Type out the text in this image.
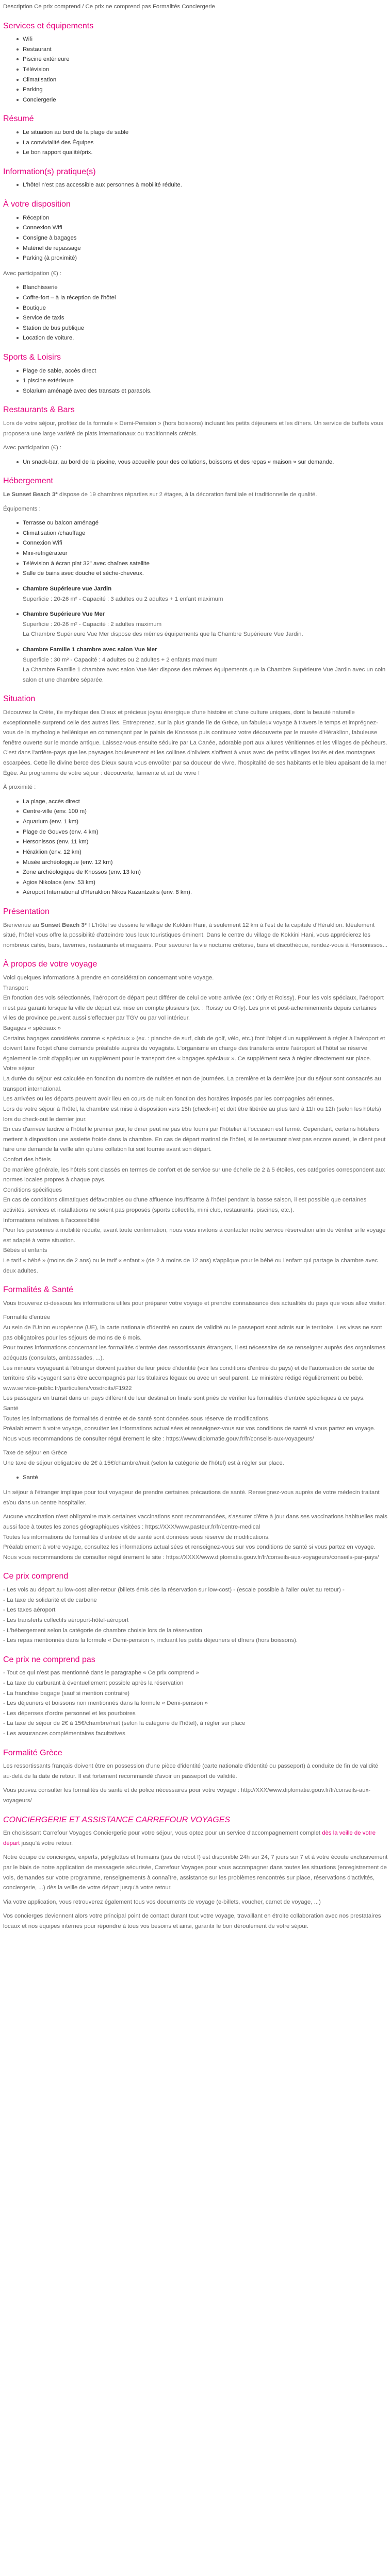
Description Ce prix comprend / Ce prix ne comprend pas Formalités Conciergerie

Services et équipements
Wifi
Restaurant
Piscine extérieure
Télévision
Climatisation
Parking
Conciergerie
Résumé
Le situation au bord de la plage de sable
La convivialité des Équipes
Le bon rapport qualité/prix.
Information(s) pratique(s)
L'hôtel n'est pas accessible aux personnes à mobilité réduite.
À votre disposition
Réception
Connexion Wifi
Consigne à bagages
Matériel de repassage
Parking (à proximité)

Avec participation (€) :

Blanchisserie
Coffre-fort – à la réception de l'hôtel
Boutique
Service de taxis
Station de bus publique
Location de voiture.
Sports & Loisirs
Plage de sable, accès direct
1 piscine extérieure
Solarium aménagé avec des transats et parasols.
Restaurants & Bars

Lors de votre séjour, profitez de la formule « Demi-Pension » (hors boissons) incluant les petits déjeuners et les dîners. Un service de buffets vous proposera une large variété de plats internationaux ou traditionnels crétois.

Avec participation (€) :

Un snack-bar, au bord de la piscine, vous accueille pour des collations, boissons et des repas « maison » sur demande.
Hébergement

Le Sunset Beach 3* dispose de 19 chambres réparties sur 2 étages, à la décoration familiale et traditionnelle de qualité.

Équipements :

Terrasse ou balcon aménagé
Climatisation /chauffage
Connexion Wifi
Mini-réfrigérateur
Télévision à écran plat 32" avec chaînes satellite
Salle de bains avec douche et sèche-cheveux.
Chambre Supérieure vue Jardin

Superficie : 20-26 m² - Capacité : 3 adultes ou 2 adultes + 1 enfant maximum

Chambre Supérieure Vue Mer

Superficie : 20-26 m² - Capacité : 2 adultes maximum

La Chambre Supérieure Vue Mer dispose des mêmes équipements que la Chambre Supérieure Vue Jardin.

Chambre Famille 1 chambre avec salon Vue Mer

Superficie : 30 m² - Capacité : 4 adultes ou 2 adultes + 2 enfants maximum

La Chambre Famille 1 chambre avec salon Vue Mer dispose des mêmes équipements que la Chambre Supérieure Vue Jardin avec un coin salon et une chambre séparée.

Situation

Découvrez la Crète, île mythique des Dieux et précieux joyau énergique d'une histoire et d'une culture uniques, dont la beauté naturelle exceptionnelle surprend celle des autres îles. Entreprenez, sur la plus grande île de Grèce, un fabuleux voyage à travers le temps et imprégnez-vous de la mythologie hellénique en commençant par le palais de Knossos puis continuez votre découverte par le musée d'Héraklion, fabuleuse fenêtre ouverte sur le monde antique. Laissez-vous ensuite séduire par La Canée, adorable port aux allures vénitiennes et les villages de pêcheurs. C'est dans l'arrière-pays que les paysages bouleversent et les collines d'oliviers s'offrent à vous avec de petits villages isolés et des montagnes escarpées. Cette île divine berce des Dieux saura vous envoûter par sa douceur de vivre, l'hospitalité de ses habitants et le bleu apaisant de la mer Égée. Au programme de votre séjour : découverte, farniente et art de vivre !

À proximité :

La plage, accès direct
Centre-ville (env. 100 m)
Aquarium (env. 1 km)
Plage de Gouves (env. 4 km)
Hersonissos (env. 11 km)
Héraklion (env. 12 km)
Musée archéologique (env. 12 km)
Zone archéologique de Knossos (env. 13 km)
Agios Nikolaos (env. 53 km)
Aéroport International d'Héraklion Nikos Kazantzakis (env. 8 km).
Présentation

Bienvenue au Sunset Beach 3* ! L'hôtel se dessine le village de Kokkini Hani, à seulement 12 km à l'est de la capitale d'Héraklion. Idéalement situé, l'hôtel vous offre la possibilité d'atteindre tous leux touristiques éminent. Dans le centre du village de Kokkini Hani, vous apprécierez les nombreux cafés, bars, tavernes, restaurants et magasins. Pour savourer la vie nocturne crétoise, bars et discothèque, rendez-vous à Hersonissos...

À propos de votre voyage

Voici quelques informations à prendre en considération concernant votre voyage.

Transport

En fonction des vols sélectionnés, l'aéroport de départ peut différer de celui de votre arrivée (ex : Orly et Roissy). Pour les vols spéciaux, l'aéroport n'est pas garanti lorsque la ville de départ est mise en compte plusieurs (ex. : Roissy ou Orly). Les prix et post-acheminements depuis certaines villes de province peuvent aussi s'effectuer par TGV ou par vol intérieur.

Bagages « spéciaux »

Certains bagages considérés comme « spéciaux » (ex. : planche de surf, club de golf, vélo, etc.) font l'objet d'un supplément à régler à l'aéroport et doivent faire l'objet d'une demande préalable auprès du voyagiste. L'organisme en charge des transferts entre l'aéroport et l'hôtel se réserve également le droit d'appliquer un supplément pour le transport des « bagages spéciaux ». Ce supplément sera à régler directement sur place.

Votre séjour

La durée du séjour est calculée en fonction du nombre de nuitées et non de journées. La première et la dernière jour du séjour sont consacrés au transport international.

Les arrivées ou les départs peuvent avoir lieu en cours de nuit en fonction des horaires imposés par les compagnies aériennes.

Lors de votre séjour à l'hôtel, la chambre est mise à disposition vers 15h (check-in) et doit être libérée au plus tard à 11h ou 12h (selon les hôtels) lors du check-out le dernier jour.

En cas d'arrivée tardive à l'hôtel le premier jour, le dîner peut ne pas être fourni par l'hôtelier à l'occasion est fermé. Cependant, certains hôteliers mettent à disposition une assiette froide dans la chambre. En cas de départ matinal de l'hôtel, si le restaurant n'est pas encore ouvert, le client peut faire une demande la veille afin qu'une collation lui soit fournie avant son départ.

Confort des hôtels

De manière générale, les hôtels sont classés en termes de confort et de service sur une échelle de 2 à 5 étoiles, ces catégories correspondent aux normes locales propres à chaque pays.

Conditions spécifiques

En cas de conditions climatiques défavorables ou d'une affluence insuffisante à l'hôtel pendant la basse saison, il est possible que certaines activités, services et installations ne soient pas proposés (sports collectifs, mini club, restaurants, piscines, etc.).

Informations relatives à l'accessibilité

Pour les personnes à mobilité réduite, avant toute confirmation, nous vous invitons à contacter notre service réservation afin de vérifier si le voyage est adapté à votre situation.

Bébés et enfants

Le tarif « bébé » (moins de 2 ans) ou le tarif « enfant » (de 2 à moins de 12 ans) s'applique pour le bébé ou l'enfant qui partage la chambre avec deux adultes.

Formalités & Santé

Vous trouverez ci-dessous les informations utiles pour préparer votre voyage et prendre connaissance des actualités du pays que vous allez visiter.

Formalité d'entrée

Au sein de l'Union européenne (UE), la carte nationale d'identité en cours de validité ou le passeport sont admis sur le territoire. Les visas ne sont pas obligatoires pour les séjours de moins de 6 mois.

Pour toutes informations concernant les formalités d'entrée des ressortissants étrangers, il est nécessaire de se renseigner auprès des organismes adéquats (consulats, ambassades, ...).

Les mineurs voyageant à l'étranger doivent justifier de leur pièce d'identité (voir les conditions d'entrée du pays) et de l'autorisation de sortie de territoire s'ils voyagent sans être accompagnés par les titulaires légaux ou avec un seul parent. Le ministère rédigé régulièrement ou bébé.

www.service-public.fr/particuliers/vosdroits/F1922

Les passagers en transit dans un pays différent de leur destination finale sont priés de vérifier les formalités d'entrée spécifiques à ce pays.

Santé

Toutes les informations de formalités d'entrée et de santé sont données sous réserve de modifications.

Préalablement à votre voyage, consultez les informations actualisées et renseignez-vous sur vos conditions de santé si vous partez en voyage. Nous vous recommandons de consulter régulièrement le site : https://www.diplomatie.gouv.fr/fr/conseils-aux-voyageurs/

Taxe de séjour en Grèce

Une taxe de séjour obligatoire de 2€ à 15€/chambre/nuit (selon la catégorie de l'hôtel) est à régler sur place.

Santé

Un séjour à l'étranger implique pour tout voyageur de prendre certaines précautions de santé. Renseignez-vous auprès de votre médecin traitant et/ou dans un centre hospitalier.

Aucune vaccination n'est obligatoire mais certaines vaccinations sont recommandées, s'assurer d'être à jour dans ses vaccinations habituelles mais aussi face à toutes les zones géographiques visitées : https://XXX/www.pasteur.fr/fr/centre-medical

Toutes les informations de formalités d'entrée et de santé sont données sous réserve de modifications.

Préalablement à votre voyage, consultez les informations actualisées et renseignez-vous sur vos conditions de santé si vous partez en voyage. Nous vous recommandons de consulter régulièrement le site : https://XXXX/www.diplomatie.gouv.fr/fr/conseils-aux-voyageurs/conseils-par-pays/

Ce prix comprend

- Les vols au départ au low-cost aller-retour (billets émis dès la réservation sur low-cost) - (escale possible à l'aller ou/et au retour) -

- La taxe de solidarité et de carbone

- Les taxes aéroport

- Les transferts collectifs aéroport-hôtel-aéroport

- L'hébergement selon la catégorie de chambre choisie lors de la réservation

- Les repas mentionnés dans la formule « Demi-pension », incluant les petits déjeuners et dîners (hors boissons).

Ce prix ne comprend pas

- Tout ce qui n'est pas mentionné dans le paragraphe « Ce prix comprend »

- La taxe du carburant à éventuellement possible après la réservation

- La franchise bagage (sauf si mention contraire)

- Les déjeuners et boissons non mentionnés dans la formule « Demi-pension »

- Les dépenses d'ordre personnel et les pourboires

- La taxe de séjour de 2€ à 15€/chambre/nuit (selon la catégorie de l'hôtel), à régler sur place

- Les assurances complémentaires facultatives

Formalité Grèce

Les ressortissants français doivent être en possession d'une pièce d'identité (carte nationale d'identité ou passeport) à conduite de fin de validité au-delà de la date de retour. Il est fortement recommandé d'avoir un passeport de validité.

Vous pouvez consulter les formalités de santé et de police nécessaires pour votre voyage : http://XXX/www.diplomatie.gouv.fr/fr/conseils-aux-voyageurs/

CONCIERGERIE ET ASSISTANCE CARREFOUR VOYAGES

En choisissant Carrefour Voyages Conciergerie pour votre séjour, vous optez pour un service d'accompagnement complet dès la veille de votre départ jusqu'à votre retour.

Notre équipe de concierges, experts, polyglottes et humains (pas de robot !) est disponible 24h sur 24, 7 jours sur 7 et à votre écoute exclusivement par le biais de notre application de messagerie sécurisée, Carrefour Voyages pour vous accompagner dans toutes les situations (enregistrement de vols, demandes sur votre programme, renseignements à connaître, assistance sur les problèmes rencontrés sur place, réservations d'activités, conciergerie, ...) dès la veille de votre départ jusqu'à votre retour.

Via votre application, vous retrouverez également tous vos documents de voyage (e-billets, voucher, carnet de voyage, ...)

Vos concierges deviennent alors votre principal point de contact durant tout votre voyage, travaillant en étroite collaboration avec nos prestataires locaux et nos équipes internes pour répondre à tous vos besoins et ainsi, garantir le bon déroulement de votre séjour.
